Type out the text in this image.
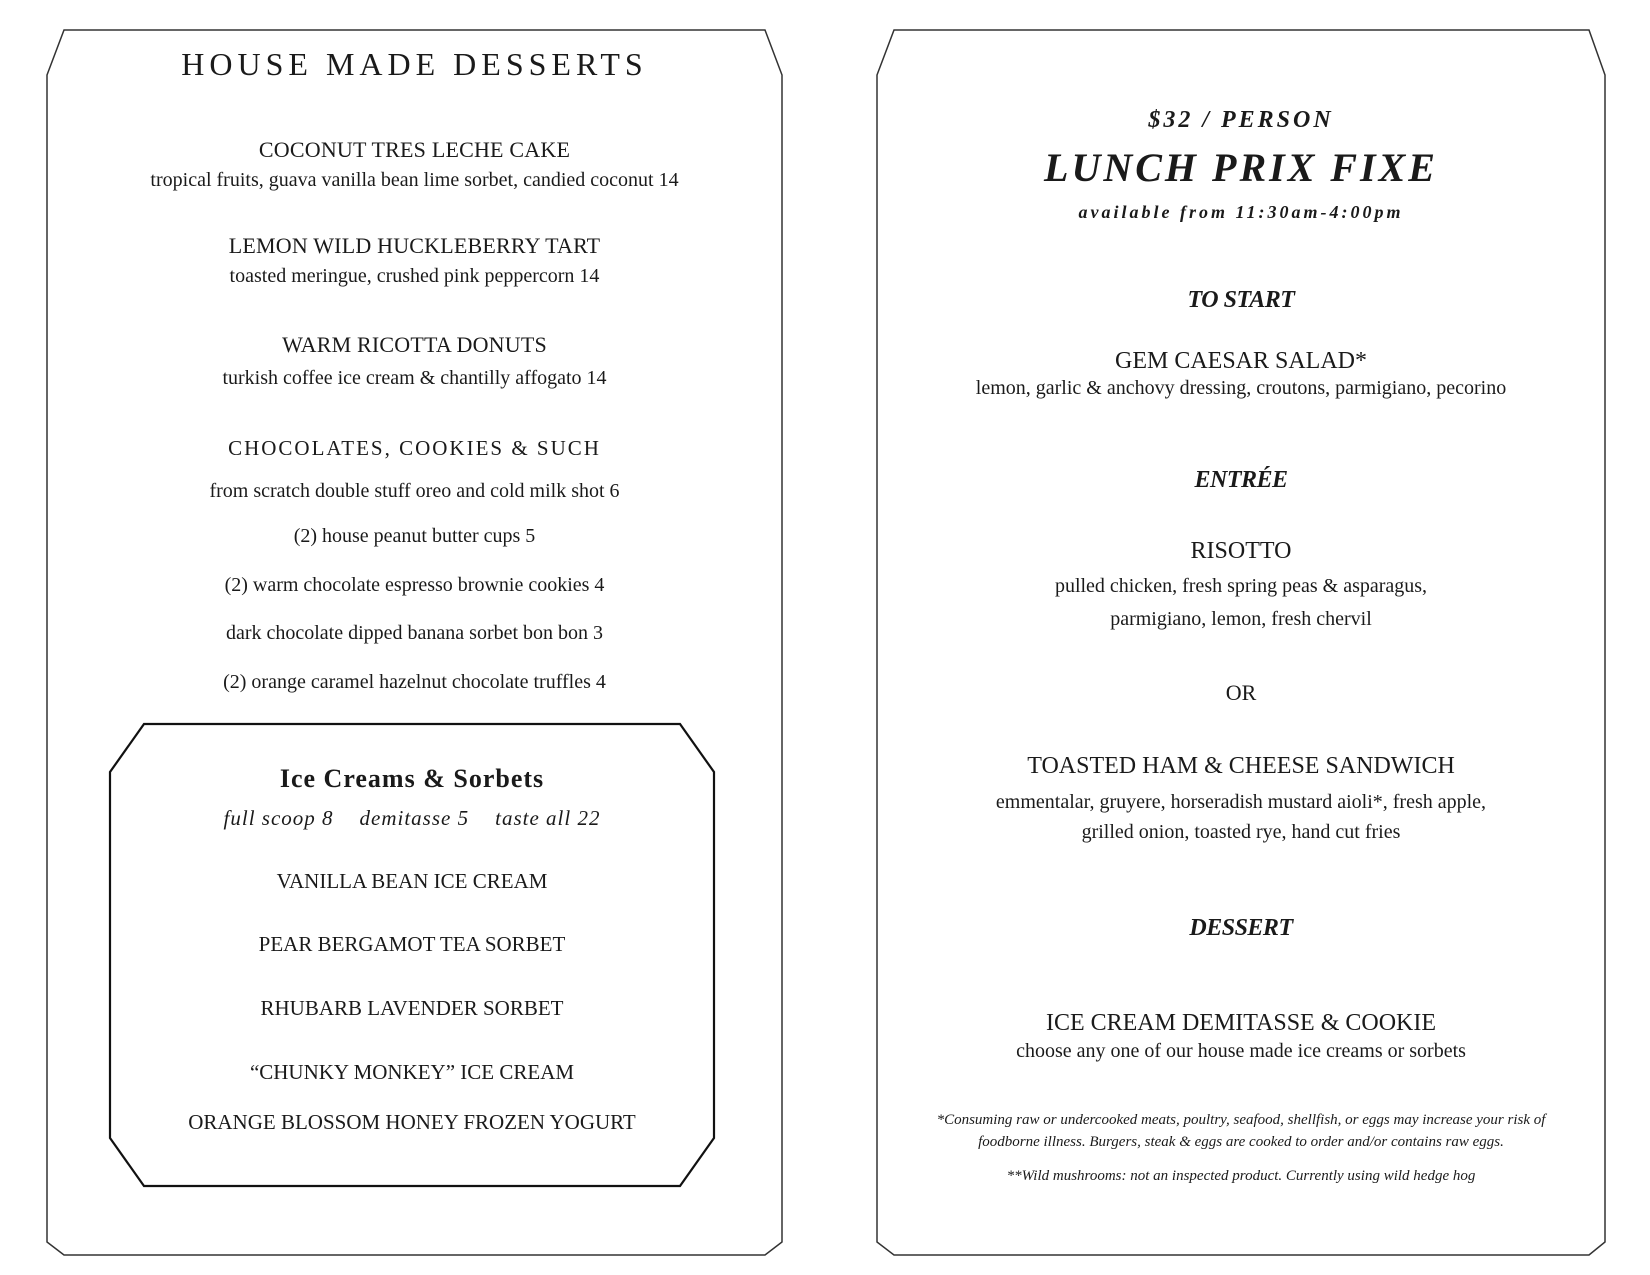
HOUSE MADE DESSERTS
COCONUT TRES LECHE CAKE
tropical fruits, guava vanilla bean lime sorbet, candied coconut 14
LEMON WILD HUCKLEBERRY TART
toasted meringue, crushed pink peppercorn 14
WARM RICOTTA DONUTS
turkish coffee ice cream & chantilly affogato 14
CHOCOLATES, COOKIES & SUCH
from scratch double stuff oreo and cold milk shot 6
(2) house peanut butter cups 5
(2) warm chocolate espresso brownie cookies 4
dark chocolate dipped banana sorbet bon bon 3
(2) orange caramel hazelnut chocolate truffles 4
Ice Creams & Sorbets
full scoop 8 demitasse 5 taste all 22
VANILLA BEAN ICE CREAM
PEAR BERGAMOT TEA SORBET
RHUBARB LAVENDER SORBET
“CHUNKY MONKEY” ICE CREAM
ORANGE BLOSSOM HONEY FROZEN YOGURT
$32 / PERSON
LUNCH PRIX FIXE
available from 11:30am-4:00pm
TO START
GEM CAESAR SALAD*
lemon, garlic & anchovy dressing, croutons, parmigiano, pecorino
ENTRÉE
RISOTTO
pulled chicken, fresh spring peas & asparagus,
parmigiano, lemon, fresh chervil
OR
TOASTED HAM & CHEESE SANDWICH
emmentalar, gruyere, horseradish mustard aioli*, fresh apple,
grilled onion, toasted rye, hand cut fries
DESSERT
ICE CREAM DEMITASSE & COOKIE
choose any one of our house made ice creams or sorbets
*Consuming raw or undercooked meats, poultry, seafood, shellfish, or eggs may increase your risk of
foodborne illness. Burgers, steak & eggs are cooked to order and/or contains raw eggs.
**Wild mushrooms: not an inspected product. Currently using wild hedge hog
